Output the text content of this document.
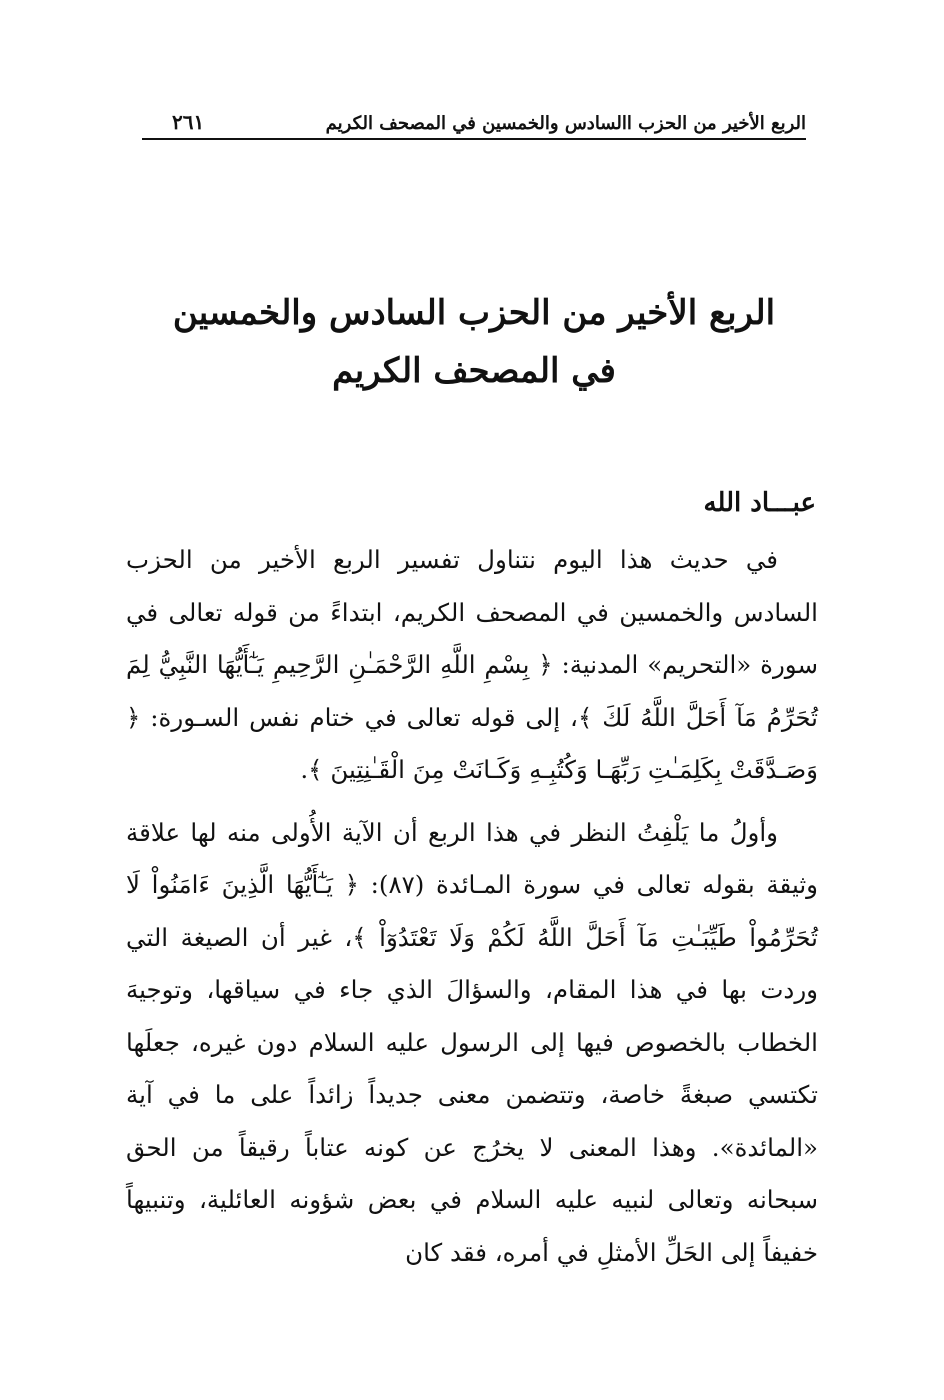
الربع الأخير من الحزب االسادس والخمسين في المصحف الكريم
٢٦١
الربع الأخير من الحزب السادس والخمسين
في المصحف الكريم
عبـــاد الله

في حديث هذا اليوم نتناول تفسير الربع الأخير من الحزب السادس والخمسين في المصحف الكريم، ابتداءً من قوله تعالى في سورة «التحريم» المدنية: ﴿ بِسْمِ اللَّهِ الرَّحْمَـٰنِ الرَّحِيمِ يَـٰٓأَيُّهَا النَّبِيُّ لِمَ تُحَرِّمُ مَآ أَحَلَّ اللَّهُ لَكَ ﴾، إلى قوله تعالى في ختام نفس السـورة: ﴿ وَصَـدَّقَتْ بِكَلِمَـٰتِ رَبِّهَـا وَكُتُبِـهِ وَكَـانَتْ مِنَ الْقَـٰنِتِينَ ﴾.

وأولُ ما يَلْفِتُ النظر في هذا الربع أن الآية الأُولى منه لها علاقة وثيقة بقوله تعالى في سورة المـائدة (٨٧): ﴿ يَـٰٓأَيُّهَا الَّذِينَ ءَامَنُواْ لَا تُحَرِّمُواْ طَيِّبَـٰتِ مَآ أَحَلَّ اللَّهُ لَكُمْ وَلَا تَعْتَدُوٓاْ ﴾، غير أن الصيغة التي وردت بها في هذا المقام، والسؤالَ الذي جاء في سياقها، وتوجيهَ الخطاب بالخصوص فيها إلى الرسول عليه السلام دون غيره، جعلَها تكتسي صبغةً خاصة، وتتضمن معنى جديداً زائداً على ما في آية «المائدة». وهذا المعنى لا يخرُج عن كونه عتاباً رقيقاً من الحق سبحانه وتعالى لنبيه عليه السلام في بعض شؤونه العائلية، وتنبيهاً خفيفاً إلى الحَلِّ الأمثلِ في أمره، فقد كان
